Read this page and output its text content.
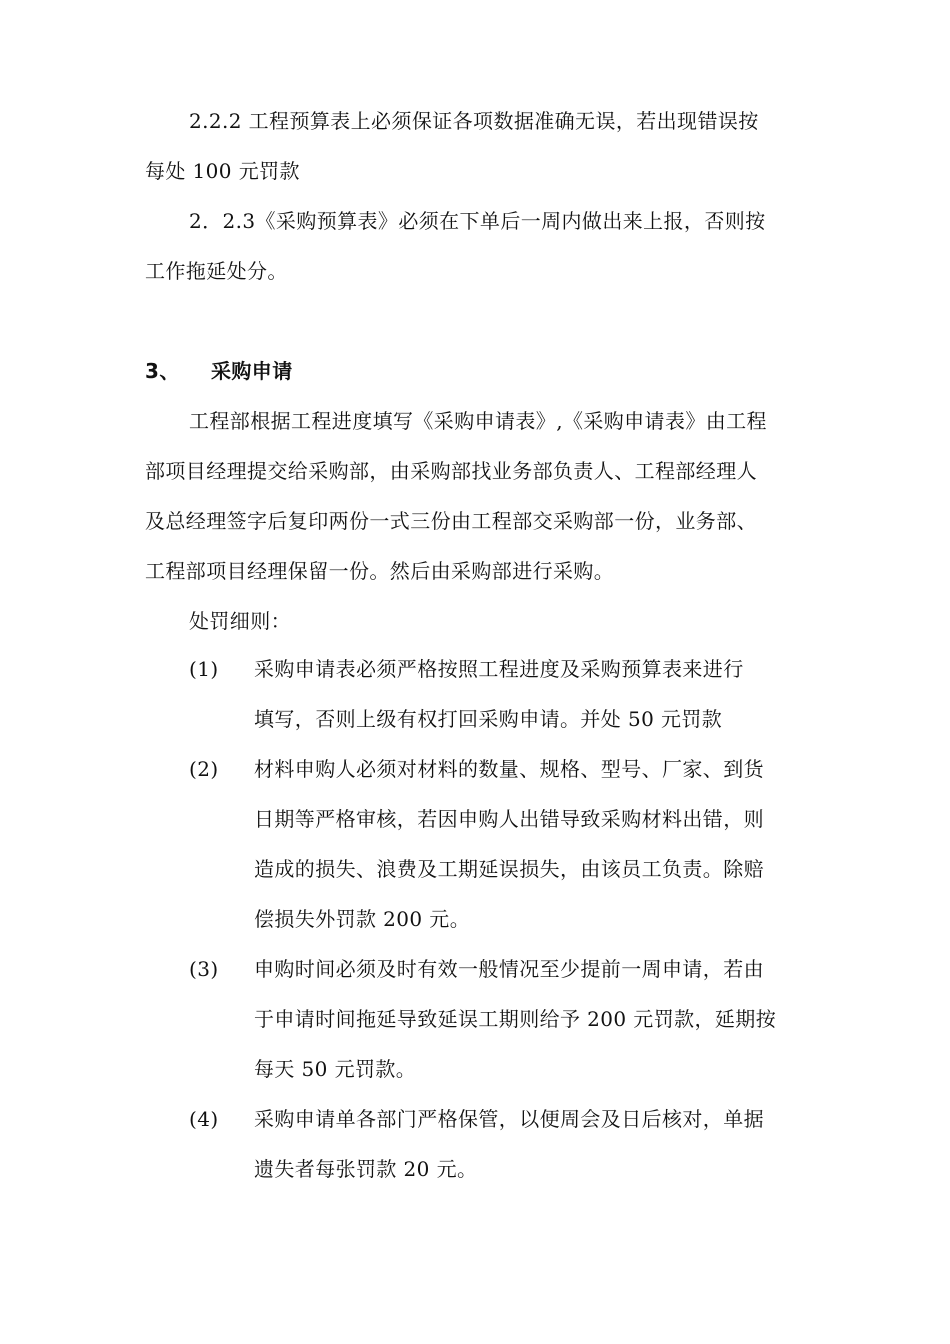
2.2.2 工程预算表上必须保证各项数据准确无误，若出现错误按
每处 100 元罚款
2．2.3《采购预算表》必须在下单后一周内做出来上报，否则按
工作拖延处分。
3、 采购申请
工程部根据工程进度填写《采购申请表》,《采购申请表》由工程
部项目经理提交给采购部，由采购部找业务部负责人、工程部经理人
及总经理签字后复印两份一式三份由工程部交采购部一份，业务部、
工程部项目经理保留一份。然后由采购部进行采购。
处罚细则：
(1) 采购申请表必须严格按照工程进度及采购预算表来进行
填写，否则上级有权打回采购申请。并处 50 元罚款
(2) 材料申购人必须对材料的数量、规格、型号、厂家、到货
日期等严格审核，若因申购人出错导致采购材料出错，则
造成的损失、浪费及工期延误损失，由该员工负责。除赔
偿损失外罚款 200 元。
(3) 申购时间必须及时有效一般情况至少提前一周申请，若由
于申请时间拖延导致延误工期则给予 200 元罚款，延期按
每天 50 元罚款。
(4) 采购申请单各部门严格保管，以便周会及日后核对，单据
遗失者每张罚款 20 元。
